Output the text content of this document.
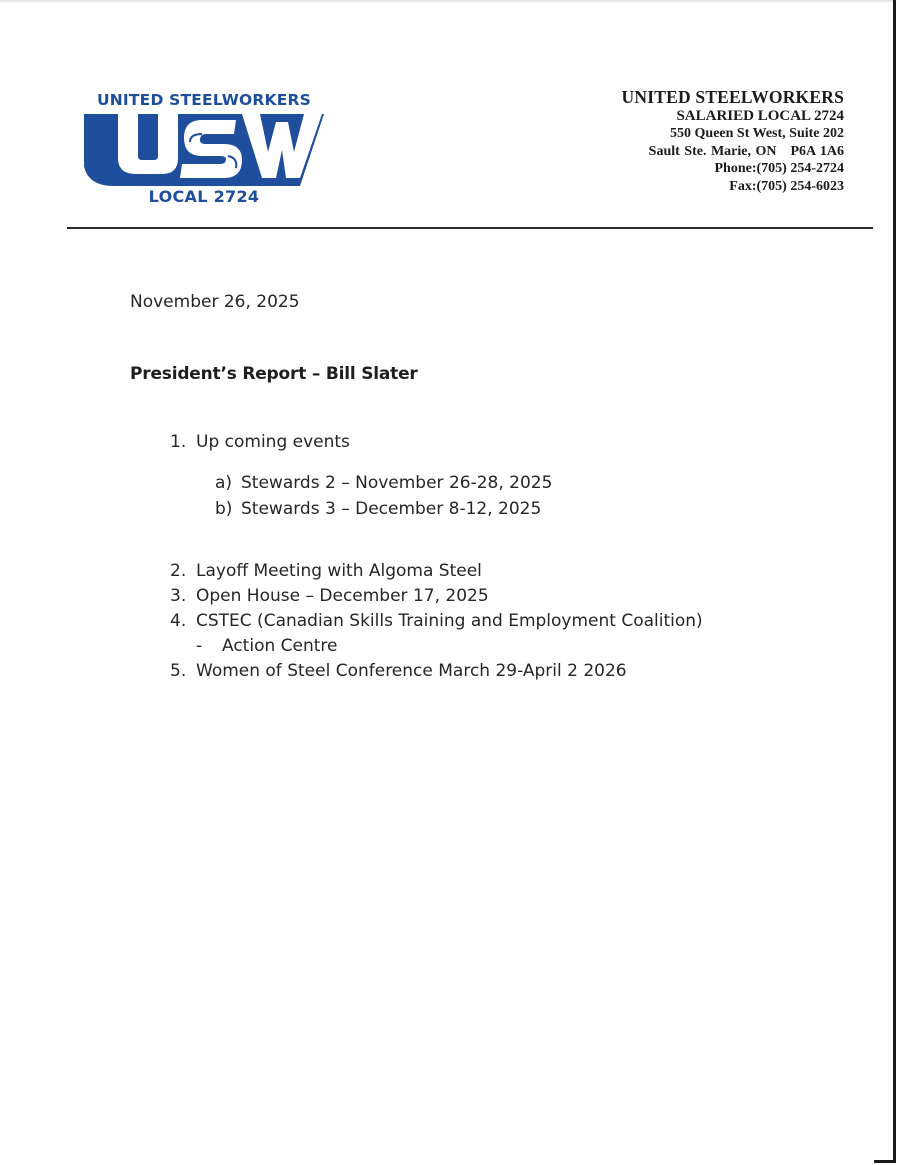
UNITED STEELWORKERS
LOCAL 2724
UNITED STEELWORKERS
SALARIED LOCAL 2724
550 Queen St West, Suite 202
Sault Ste. Marie, ON P6A 1A6
Phone:(705) 254-2724
Fax:(705) 254-6023
November 26, 2025
President’s Report – Bill Slater
1. Up coming events
a) Stewards 2 – November 26-28, 2025
b) Stewards 3 – December 8-12, 2025
2. Layoff Meeting with Algoma Steel
3. Open House – December 17, 2025
4. CSTEC (Canadian Skills Training and Employment Coalition)
- Action Centre
5. Women of Steel Conference March 29-April 2 2026
